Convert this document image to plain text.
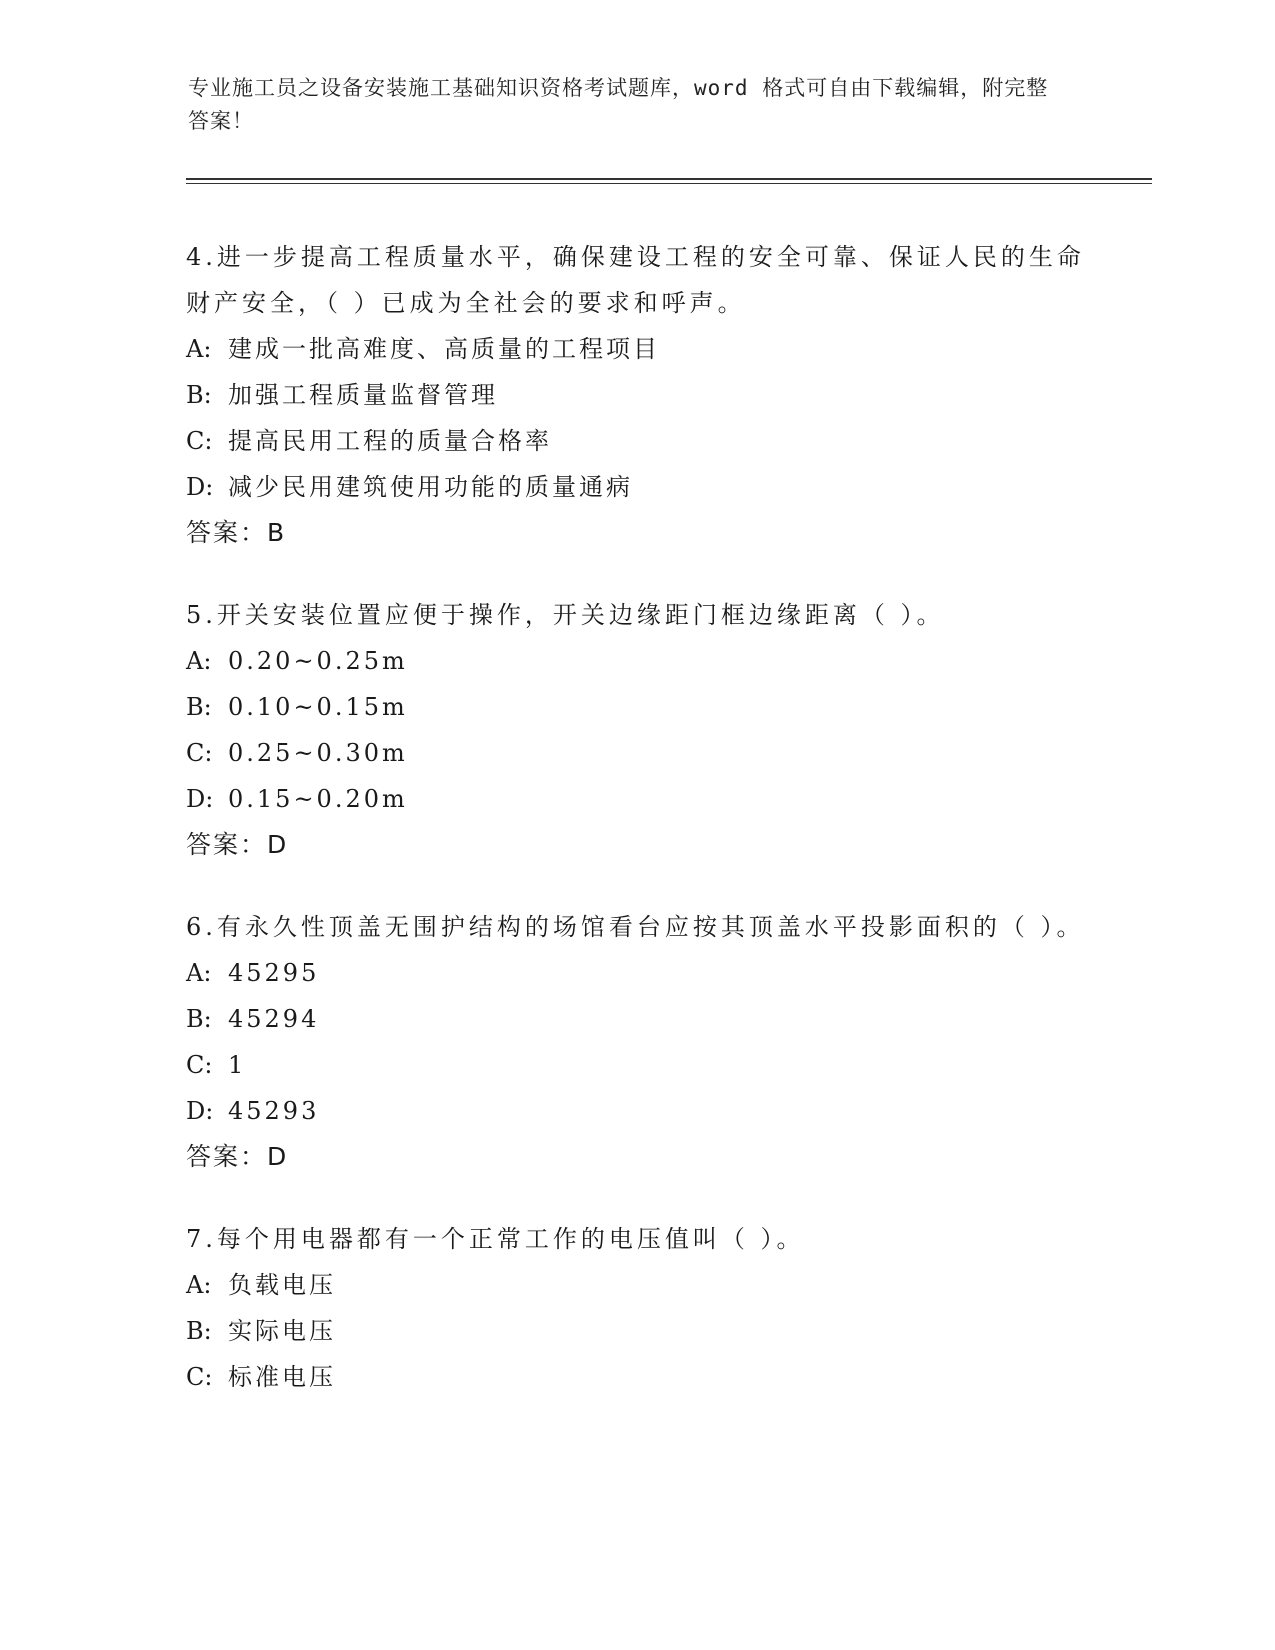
专业施工员之设备安装施工基础知识资格考试题库，word 格式可自由下载编辑，附完整答案！

4.进一步提高工程质量水平，确保建设工程的安全可靠、保证人民的生命财产安全，（ ）已成为全社会的要求和呼声。

A: 建成一批高难度、高质量的工程项目

B: 加强工程质量监督管理

C: 提高民用工程的质量合格率

D: 减少民用建筑使用功能的质量通病

答案：B

5.开关安装位置应便于操作，开关边缘距门框边缘距离（ ）。

A: 0.20~0.25m

B: 0.10~0.15m

C: 0.25~0.30m

D: 0.15~0.20m

答案：D

6.有永久性顶盖无围护结构的场馆看台应按其顶盖水平投影面积的（ ）。

A: 45295

B: 45294

C: 1

D: 45293

答案：D

7.每个用电器都有一个正常工作的电压值叫（ ）。

A: 负载电压

B: 实际电压

C: 标准电压
